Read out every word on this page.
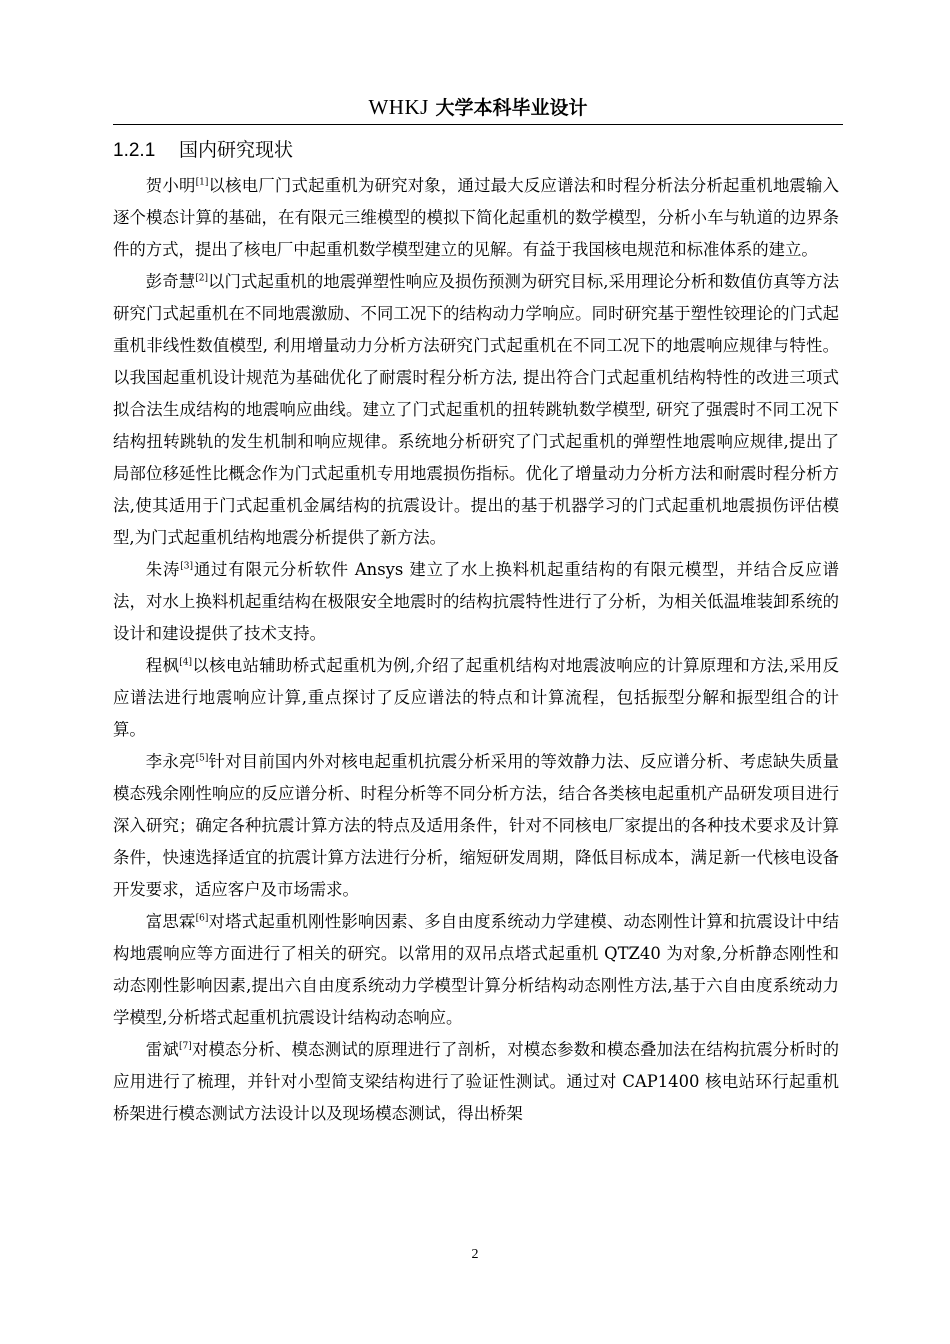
WHKJ 大学本科毕业设计
1.2.1 国内研究现状

贺小明[1]以核电厂门式起重机为研究对象，通过最大反应谱法和时程分析法分析起重机地震输入逐个模态计算的基础，在有限元三维模型的模拟下简化起重机的数学模型，分析小车与轨道的边界条件的方式，提出了核电厂中起重机数学模型建立的见解。有益于我国核电规范和标准体系的建立。

彭奇慧[2]以门式起重机的地震弹塑性响应及损伤预测为研究目标,采用理论分析和数值仿真等方法研究门式起重机在不同地震激励、不同工况下的结构动力学响应。同时研究基于塑性铰理论的门式起重机非线性数值模型, 利用增量动力分析方法研究门式起重机在不同工况下的地震响应规律与特性。以我国起重机设计规范为基础优化了耐震时程分析方法, 提出符合门式起重机结构特性的改进三项式拟合法生成结构的地震响应曲线。建立了门式起重机的扭转跳轨数学模型, 研究了强震时不同工况下结构扭转跳轨的发生机制和响应规律。系统地分析研究了门式起重机的弹塑性地震响应规律,提出了局部位移延性比概念作为门式起重机专用地震损伤指标。优化了增量动力分析方法和耐震时程分析方法,使其适用于门式起重机金属结构的抗震设计。提出的基于机器学习的门式起重机地震损伤评估模型,为门式起重机结构地震分析提供了新方法。

朱涛[3]通过有限元分析软件 Ansys 建立了水上换料机起重结构的有限元模型，并结合反应谱法，对水上换料机起重结构在极限安全地震时的结构抗震特性进行了分析，为相关低温堆装卸系统的设计和建设提供了技术支持。

程枫[4]以核电站辅助桥式起重机为例,介绍了起重机结构对地震波响应的计算原理和方法,采用反应谱法进行地震响应计算,重点探讨了反应谱法的特点和计算流程，包括振型分解和振型组合的计算。

李永亮[5]针对目前国内外对核电起重机抗震分析采用的等效静力法、反应谱分析、考虑缺失质量模态残余刚性响应的反应谱分析、时程分析等不同分析方法，结合各类核电起重机产品研发项目进行深入研究；确定各种抗震计算方法的特点及适用条件，针对不同核电厂家提出的各种技术要求及计算条件，快速选择适宜的抗震计算方法进行分析，缩短研发周期，降低目标成本，满足新一代核电设备开发要求，适应客户及市场需求。

富思霖[6]对塔式起重机刚性影响因素、多自由度系统动力学建模、动态刚性计算和抗震设计中结构地震响应等方面进行了相关的研究。以常用的双吊点塔式起重机 QTZ40 为对象,分析静态刚性和动态刚性影响因素,提出六自由度系统动力学模型计算分析结构动态刚性方法,基于六自由度系统动力学模型,分析塔式起重机抗震设计结构动态响应。

雷斌[7]对模态分析、模态测试的原理进行了剖析，对模态参数和模态叠加法在结构抗震分析时的应用进行了梳理，并针对小型简支梁结构进行了验证性测试。通过对 CAP1400 核电站环行起重机桥架进行模态测试方法设计以及现场模态测试，得出桥架

2
